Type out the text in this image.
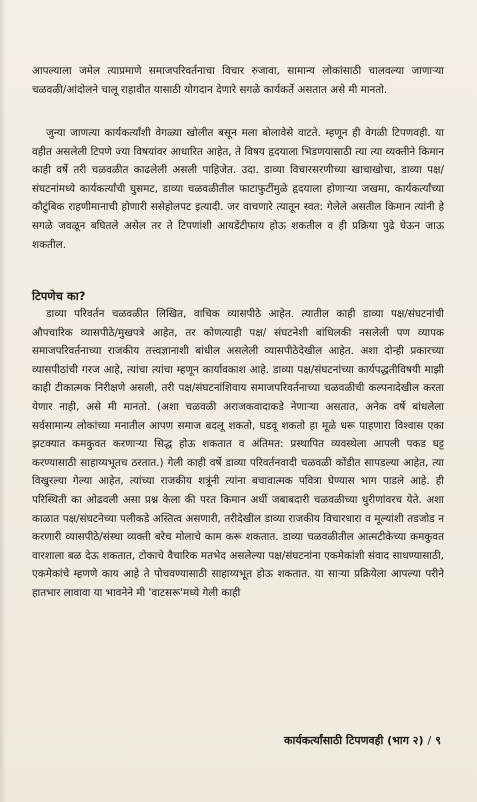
आपल्याला जमेल त्याप्रमाणे समाजपरिवर्तनाचा विचार रुजावा, सामान्य लोकांसाठी चालवल्या जाणाऱ्या चळवळी/आंदोलने चालू राहावीत यासाठी योगदान देणारे सगळे कार्यकर्ते असतात असे मी मानतो.

जुन्या जाणत्या कार्यकर्त्यांशी वेगळ्या खोलीत बसून मला बोलावेसे वाटते. म्हणून ही वेगळी टिपणवही. या वहीत असलेली टिपणे ज्या विषयांवर आधारित आहेत, ते विषय हृदयाला भिडणयासाठी त्या त्या व्यक्तीने किमान काही वर्षे तरी चळवळीत काढलेली असली पाहिजेत. उदा. डाव्या विचारसरणीच्या खाचाखोचा, डाव्या पक्ष/ संघटनांमध्ये कार्यकर्त्यांची घुसमट, डाव्या चळवळीतील फाटाफुटींमुळे हृदयाला होणाऱ्या जखमा, कार्यकर्त्यांच्या कौटुंबिक राहणीमानाची होणारी ससेहोलपट इत्यादी. जर वाचणारे त्यातून स्वत: गेलेले असतील किमान त्यांनी हे सगळे जवळून बघितले असेल तर ते टिपणांशी आयडेंटीफाय होऊ शकतील व ही प्रक्रिया पुढे घेऊन जाऊ शकतील.

टिपणेच का?

डाव्या परिवर्तन चळवळीत लिखित, वाचिक व्यासपीठे आहेत. त्यातील काही डाव्या पक्ष/संघटनांची औपचारिक व्यासपीठे/मुखपत्रे आहेत, तर कोणत्याही पक्ष/ संघटनेशी बांधिलकी नसलेली पण व्यापक समाजपरिवर्तनाच्या राजकीय तत्त्वज्ञानाशी बांधील असलेली व्यासपीठेदेखील आहेत. अशा दोन्ही प्रकारच्या व्यासपीठांची गरज आहे, त्यांचा त्यांचा म्हणून कार्यावकाश आहे. डाव्या पक्ष/संघटनांच्या कार्यपद्धतीविषयी माझी काही टीकात्मक निरीक्षणे असली, तरी पक्ष/संघटनांशिवाय समाजपरिवर्तनाच्या चळवळीची कल्पनादेखील करता येणार नाही, असे मी मानतो. (अशा चळवळी अराजकवादाकडे नेणाऱ्या असतात, अनेक वर्षे बांधलेला सर्वसामान्य लोकांच्या मनातील आपण समाज बदलू शकतो, घडवू शकतो हा मूळे धरू पाहणारा विश्वास एका झटक्यात कमकुवत करणाऱ्या सिद्ध होऊ शकतात व अंतिमत: प्रस्थापित व्यवस्थेला आपली पकड घट्ट करण्यासाठी साहाय्यभूतच ठरतात.) गेली काही वर्षे डाव्या परिवर्तनवादी चळवळी कोंडीत सापडल्या आहेत, त्या विखुरल्या गेल्या आहेत, त्यांच्या राजकीय शत्रूंनी त्यांना बचावात्मक पवित्रा घेण्यास भाग पाडले आहे. ही परिस्थिती का ओढवली असा प्रश्न केला की परत किमान अर्धी जबाबदारी चळवळीच्या धुरीणांवरच येते. अशा काळात पक्ष/संघटनेच्या पलीकडे अस्तित्व असणारी, तरीदेखील डाव्या राजकीय विचारधारा व मूल्यांशी तडजोड न करणारी व्यासपीठे/संस्था व्यक्ती बरेच मोलाचे काम करू शकतात. डाव्या चळवळीतील आत्मटीकेच्या कमकुवत वारशाला बळ देऊ शकतात, टोकाचे वैचारिक मतभेद असलेल्या पक्ष/संघटनांना एकमेकांशी संवाद साधण्यासाठी, एकमेकांचे म्हणणे काय आहे ते पोचवण्यासाठी साहाय्यभूत होऊ शकतात. या साऱ्या प्रक्रियेला आपल्या परीने हातभार लावावा या भावनेने मी 'वाटसरू'मध्ये गेली काही

कार्यकर्त्यांसाठी टिपणवही (भाग २) / ९
